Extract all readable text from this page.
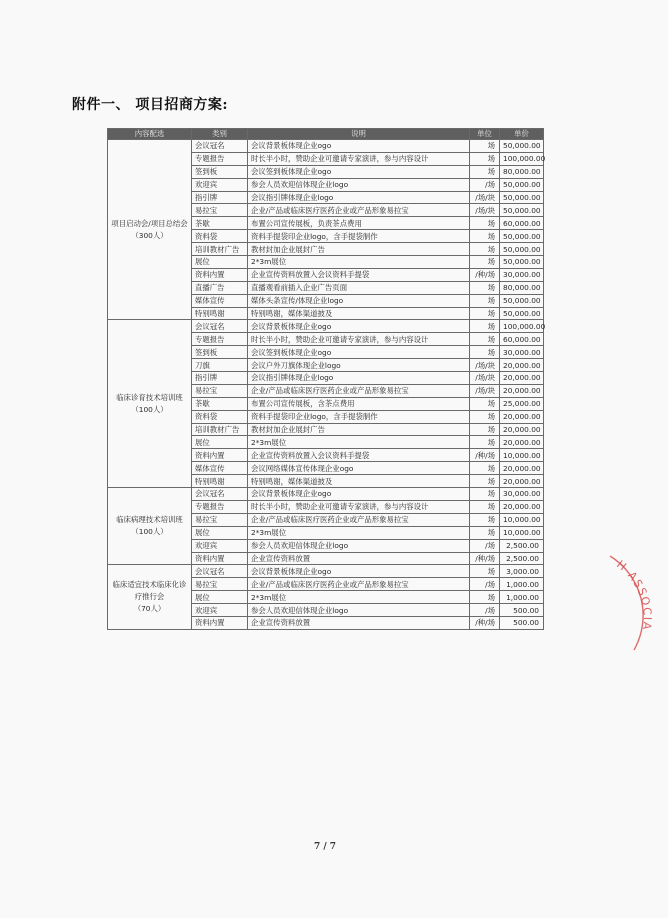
附件一、 项目招商方案:
内容配选	类别	说明	单位	单价

项目启动会/项目总结会
（300人）	会议冠名	会议背景板体现企业ogo	场	50,000.00
	专题报告	时长半小时，赞助企业可邀请专家演讲，参与内容设计	场	100,000.00
	签到板	会议签到板体现企业ogo	场	80,000.00
	欢迎宾	参会人员欢迎信体现企业logo	/场	50,000.00
	指引牌	会议指引牌体现企业logo	/场/块	50,000.00
	易拉宝	企业/产品或临床医疗医药企业或产品形象易拉宝	/场/块	50,000.00
	茶歇	布置公司宣传展板，负责茶点费用	场	60,000.00
	资料袋	资料手提袋印企业logo，含手提袋制作	场	50,000.00
	培训教材广告	教材封加企业展封广告	场	50,000.00
	展位	2*3m展位	场	50,000.00
	资料内置	企业宣传资料放置入会议资料手提袋	/种/场	30,000.00
	直播广告	直播观看前插入企业广告页面	场	80,000.00
	媒体宣传	媒体头条宣传/体现企业logo	场	50,000.00
	特别鸣谢	特别鸣谢，媒体渠道披及	场	50,000.00

临床诊育技术培训班
（100人）	会议冠名	会议背景板体现企业ogo	场	100,000.00
	专题报告	时长半小时，赞助企业可邀请专家演讲，参与内容设计	场	60,000.00
	签到板	会议签到板体现企业ogo	场	30,000.00
	刀旗	会议户外刀旗体现企业logo	/场/块	20,000.00
	指引牌	会议指引牌体现企业logo	/场/块	20,000.00
	易拉宝	企业/产品或临床医疗医药企业或产品形象易拉宝	/场/块	20,000.00
	茶歇	布置公司宣传展板，含茶点费用	场	25,000.00
	资料袋	资料手提袋印企业logo，含手提袋制作	场	20,000.00
	培训教材广告	教材封加企业展封广告	场	20,000.00
	展位	2*3m展位	场	20,000.00
	资料内置	企业宣传资料放置入会议资料手提袋	/种/场	10,000.00
	媒体宣传	会议网络媒体宣传体现企业ogo	场	20,000.00
	特别鸣谢	特别鸣谢，媒体渠道披及	场	20,000.00

临床病理技术培训班
（100人）	会议冠名	会议背景板体现企业ogo	场	30,000.00
	专题报告	时长半小时，赞助企业可邀请专家演讲，参与内容设计	场	20,000.00
	易拉宝	企业/产品或临床医疗医药企业或产品形象易拉宝	场	10,000.00
	展位	2*3m展位	场	10,000.00
	欢迎宾	参会人员欢迎信体现企业logo	/场	2,500.00
	资料内置	企业宣传资料放置	/种/场	2,500.00

临床适宜技术临床化诊疗推行会
（70人）	会议冠名	会议背景板体现企业ogo	场	3,000.00
	易拉宝	企业/产品或临床医疗医药企业或产品形象易拉宝	/场	1,000.00
	展位	2*3m展位	场	1,000.00
	欢迎宾	参会人员欢迎信体现企业logo	/场	500.00
	资料内置	企业宣传资料放置	/种/场	500.00
7 / 7
H ASSOCIA
